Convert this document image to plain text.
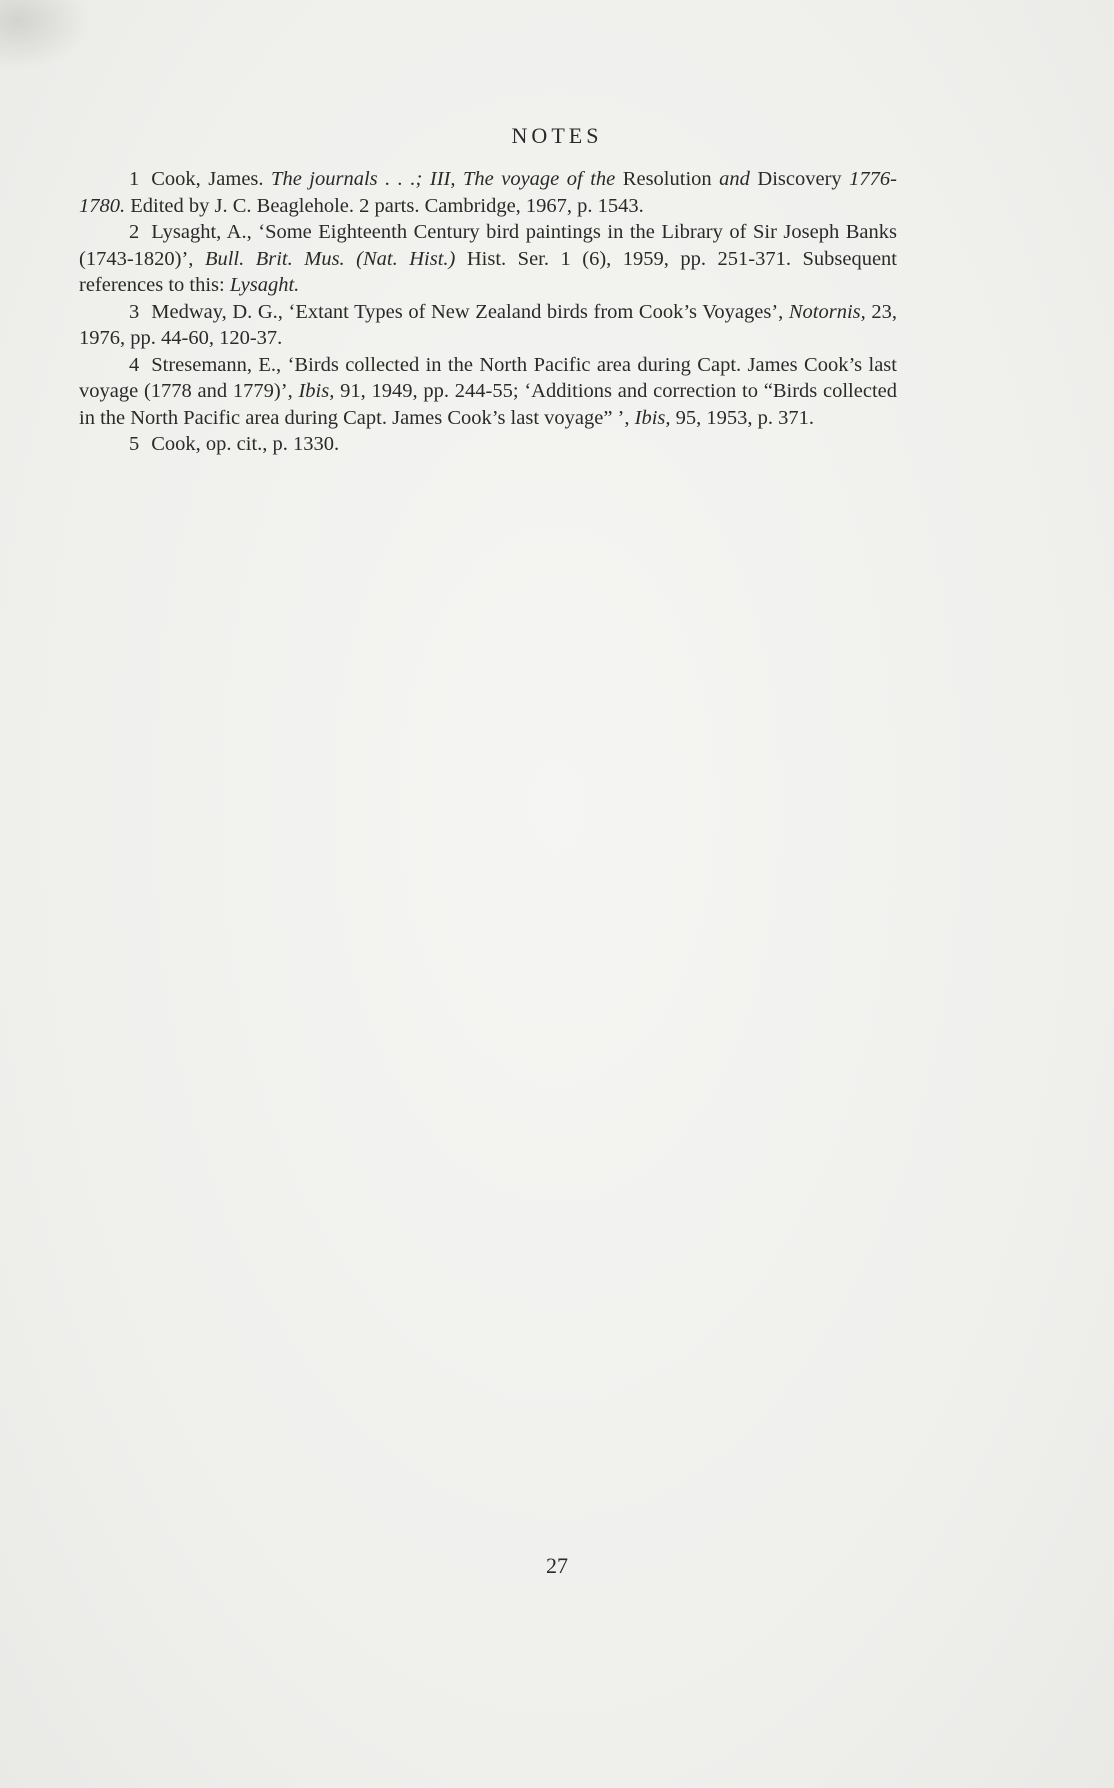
NOTES

1 Cook, James. The journals . . .; III, The voyage of the Resolution and Discovery 1776-1780. Edited by J. C. Beaglehole. 2 parts. Cambridge, 1967, p. 1543.

2 Lysaght, A., ‘Some Eighteenth Century bird paintings in the Library of Sir Joseph Banks (1743-1820)’, Bull. Brit. Mus. (Nat. Hist.) Hist. Ser. 1 (6), 1959, pp. 251-371. Subsequent references to this: Lysaght.

3 Medway, D. G., ‘Extant Types of New Zealand birds from Cook’s Voyages’, Notornis, 23, 1976, pp. 44-60, 120-37.

4 Stresemann, E., ‘Birds collected in the North Pacific area during Capt. James Cook’s last voyage (1778 and 1779)’, Ibis, 91, 1949, pp. 244-55; ‘Additions and correction to “Birds collected in the North Pacific area during Capt. James Cook’s last voyage” ’, Ibis, 95, 1953, p. 371.

5 Cook, op. cit., p. 1330.

27
